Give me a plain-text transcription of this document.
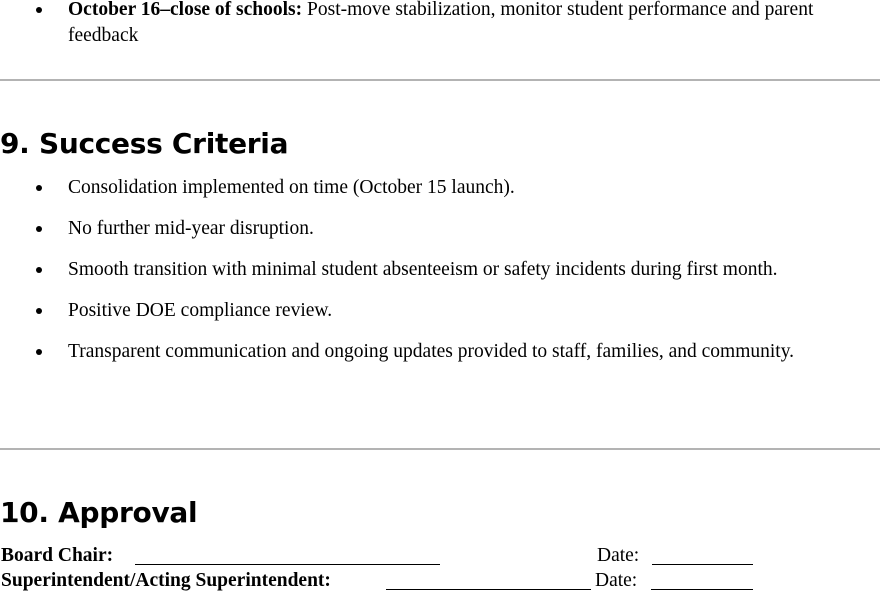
October 16–close of schools: Post-move stabilization, monitor student performance and parent feedback
9. Success Criteria
Consolidation implemented on time (October 15 launch).
No further mid-year disruption.
Smooth transition with minimal student absenteeism or safety incidents during first month.
Positive DOE compliance review.
Transparent communication and ongoing updates provided to staff, families, and community.
10. Approval
Board Chair:	Date:
Superintendent/Acting Superintendent:	Date:
